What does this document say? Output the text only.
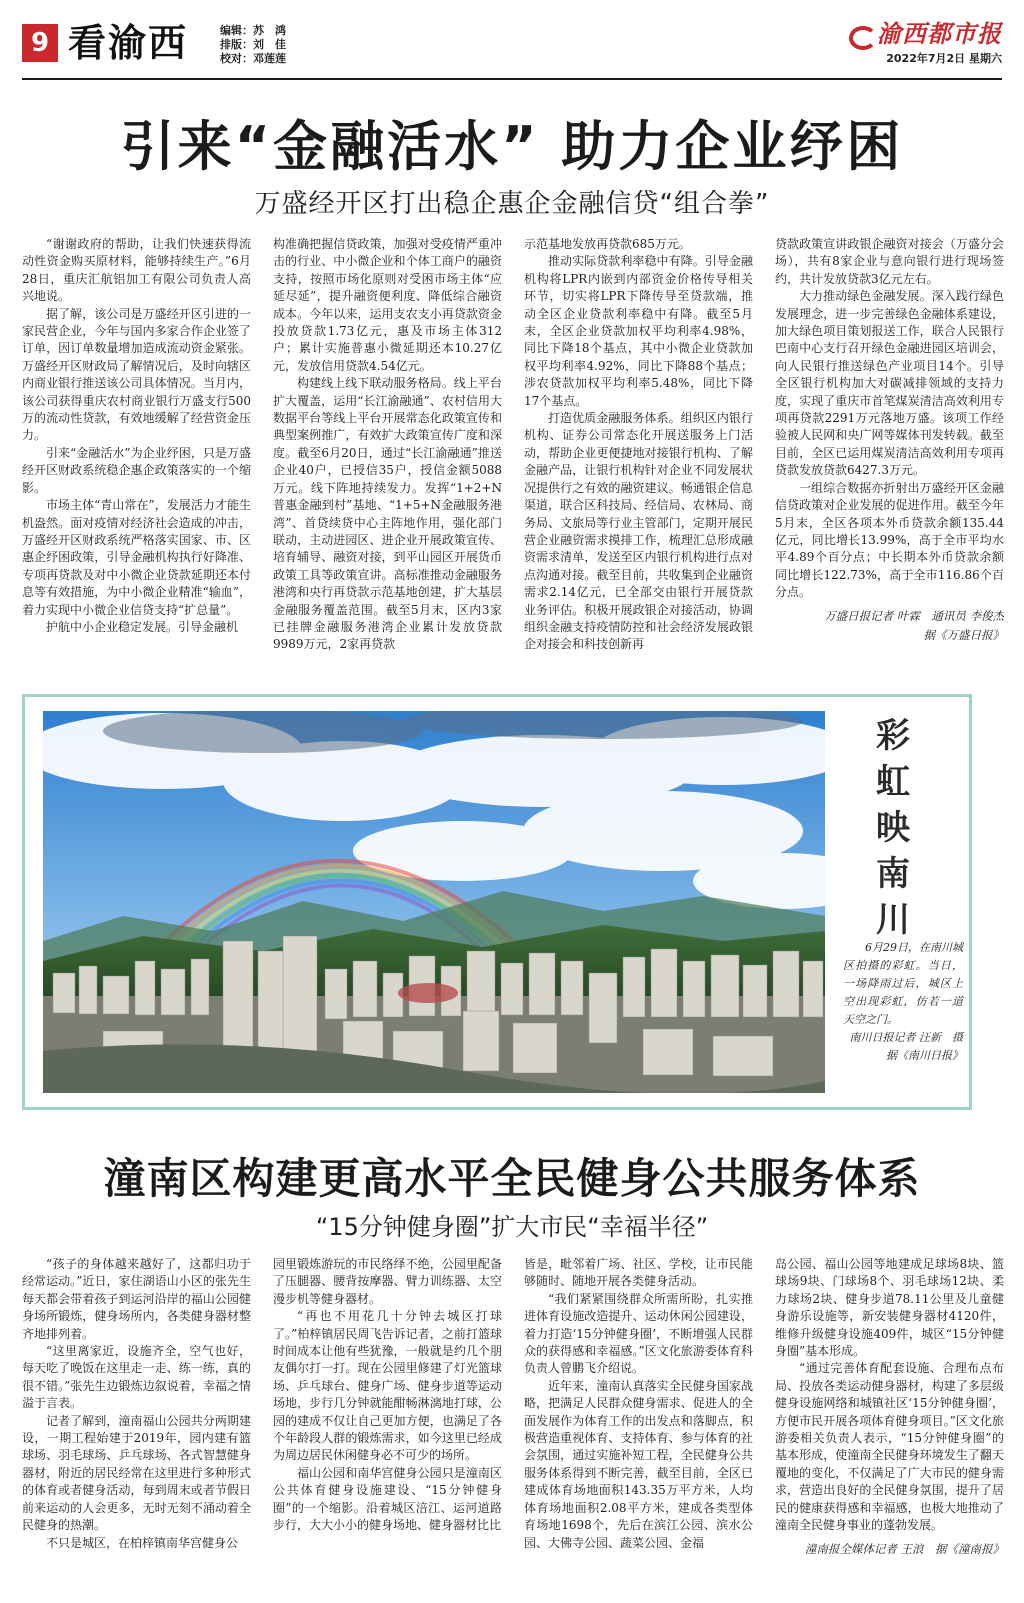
9 看渝西	编辑：苏　鸿
排版：刘　佳
校对：邓莲莲
渝西都市报
2022年7月2日 星期六
引来“金融活水” 助力企业纾困
万盛经开区打出稳企惠企金融信贷“组合拳”

“谢谢政府的帮助，让我们快速获得流动性资金购买原材料，能够持续生产。”6月28日，重庆汇航铝加工有限公司负责人高兴地说。

据了解，该公司是万盛经开区引进的一家民营企业，今年与国内多家合作企业签了订单，因订单数量增加造成流动资金紧张。万盛经开区财政局了解情况后，及时向辖区内商业银行推送该公司具体情况。当月内，该公司获得重庆农村商业银行万盛支行500万的流动性贷款，有效地缓解了经营资金压力。

引来“金融活水”为企业纾困，只是万盛经开区财政系统稳企惠企政策落实的一个缩影。

市场主体“青山常在”，发展活力才能生机盎然。面对疫情对经济社会造成的冲击，万盛经开区财政系统严格落实国家、市、区惠企纾困政策，引导金融机构执行好降准、专项再贷款及对中小微企业贷款延期还本付息等有效措施，为中小微企业精准“输血”，着力实现中小微企业信贷支持“扩总量”。

护航中小企业稳定发展。引导金融机

构准确把握信贷政策，加强对受疫情严重冲击的行业、中小微企业和个体工商户的融资支持，按照市场化原则对受困市场主体“应延尽延”，提升融资便利度、降低综合融资成本。今年以来，运用支农支小再贷款资金投放贷款1.73亿元，惠及市场主体312户；累计实施普惠小微延期还本10.27亿元，发放信用贷款4.54亿元。

构建线上线下联动服务格局。线上平台扩大覆盖，运用“长江渝融通”、农村信用大数据平台等线上平台开展常态化政策宣传和典型案例推广，有效扩大政策宣传广度和深度。截至6月20日，通过“长江渝融通”推送企业40户，已授信35户，授信金额5088万元。线下阵地持续发力。发挥“1+2+N普惠金融到村”基地、“1+5+N金融服务港湾”、首贷续贷中心主阵地作用，强化部门联动，主动进园区、进企业开展政策宣传、培育辅导、融资对接，到平山园区开展货币政策工具等政策宣讲。高标准推动金融服务港湾和央行再贷款示范基地创建，扩大基层金融服务覆盖范围。截至5月末，区内3家已挂牌金融服务港湾企业累计发放贷款9989万元，2家再贷款

示范基地发放再贷款685万元。

推动实际贷款利率稳中有降。引导金融机构将LPR内嵌到内部资金价格传导相关环节，切实将LPR下降传导至贷款端，推动全区企业贷款利率稳中有降。截至5月末，全区企业贷款加权平均利率4.98%，同比下降18个基点，其中小微企业贷款加权平均利率4.92%，同比下降88个基点；涉农贷款加权平均利率5.48%，同比下降17个基点。

打造优质金融服务体系。组织区内银行机构、证券公司常态化开展送服务上门活动，帮助企业更便捷地对接银行机构、了解金融产品，让银行机构针对企业不同发展状况提供行之有效的融资建议。畅通银企信息渠道，联合区科技局、经信局、农林局、商务局、文旅局等行业主管部门，定期开展民营企业融资需求摸排工作，梳理汇总形成融资需求清单，发送至区内银行机构进行点对点沟通对接。截至目前，共收集到企业融资需求2.14亿元，已全部交由银行开展贷款业务评估。积极开展政银企对接活动，协调组织金融支持疫情防控和社会经济发展政银企对接会和科技创新再

贷款政策宣讲政银企融资对接会（万盛分会场），共有8家企业与意向银行进行现场签约，共计发放贷款3亿元左右。

大力推动绿色金融发展。深入践行绿色发展理念，进一步完善绿色金融体系建设，加大绿色项目策划报送工作，联合人民银行巴南中心支行召开绿色金融进园区培训会，向人民银行推送绿色产业项目14个。引导全区银行机构加大对碳减排领域的支持力度，实现了重庆市首笔煤炭清洁高效利用专项再贷款2291万元落地万盛。该项工作经验被人民网和央广网等媒体刊发转载。截至目前，全区已运用煤炭清洁高效利用专项再贷款发放贷款6427.3万元。

一组综合数据亦折射出万盛经开区金融信贷政策对企业发展的促进作用。截至今年5月末，全区各项本外币贷款余额135.44亿元，同比增长13.99%，高于全市平均水平4.89个百分点；中长期本外币贷款余额同比增长122.73%，高于全市116.86个百分点。

万盛日报记者 叶霖　通讯员 李俊杰

据《万盛日报》

彩虹映南川

6月29日，在南川城区拍摄的彩虹。当日，一场降雨过后，城区上空出现彩虹，仿若一道天空之门。

南川日报记者 汪新　摄

据《南川日报》

潼南区构建更高水平全民健身公共服务体系
“15分钟健身圈”扩大市民“幸福半径”

“孩子的身体越来越好了，这都归功于经常运动。”近日，家住湖语山小区的张先生每天都会带着孩子到运河沿岸的福山公园健身场所锻炼，健身场所内，各类健身器材整齐地排列着。

“这里离家近，设施齐全，空气也好，每天吃了晚饭在这里走一走、练一练，真的很不错。”张先生边锻炼边叙说着，幸福之情溢于言表。

记者了解到，潼南福山公园共分两期建设，一期工程始建于2019年，园内建有篮球场、羽毛球场、乒乓球场、各式智慧健身器材，附近的居民经常在这里进行多种形式的体育或者健身活动，每到周末或者节假日前来运动的人会更多，无时无刻不涌动着全民健身的热潮。

不只是城区，在柏梓镇南华宫健身公

园里锻炼游玩的市民络绎不绝，公园里配备了压腿器、腰背按摩器、臂力训练器、太空漫步机等健身器材。

“再也不用花几十分钟去城区打球了。”柏梓镇居民周飞告诉记者，之前打篮球时间成本让他有些犹豫，一般就是约几个朋友偶尔打一打。现在公园里修建了灯光篮球场、乒乓球台、健身广场、健身步道等运动场地，步行几分钟就能酣畅淋漓地打球，公园的建成不仅让自己更加方便，也满足了各个年龄段人群的锻炼需求，如今这里已经成为周边居民休闲健身必不可少的场所。

福山公园和南华宫健身公园只是潼南区公共体育健身设施建设、“15分钟健身圈”的一个缩影。沿着城区涪江、运河道路步行，大大小小的健身场地、健身器材比比

皆是，毗邻着广场、社区、学校，让市民能够随时、随地开展各类健身活动。

“我们紧紧围绕群众所需所盼，扎实推进体育设施改造提升、运动休闲公园建设，着力打造‘15分钟健身圈’，不断增强人民群众的获得感和幸福感。”区文化旅游委体育科负责人曾鹏飞介绍说。

近年来，潼南认真落实全民健身国家战略，把满足人民群众健身需求、促进人的全面发展作为体育工作的出发点和落脚点，积极营造重视体育、支持体育、参与体育的社会氛围，通过实施补短工程，全民健身公共服务体系得到不断完善，截至目前，全区已建成体育场地面积143.35万平方米，人均体育场地面积2.08平方米，建成各类型体育场地1698个，先后在滨江公园、滨水公园、大佛寺公园、蔬菜公园、金福

岛公园、福山公园等地建成足球场8块、篮球场9块、门球场8个、羽毛球场12块、柔力球场2块、健身步道78.11公里及儿童健身游乐设施等，新安装健身器材4120件，维修升级健身设施409件，城区“15分钟健身圈”基本形成。

“通过完善体育配套设施、合理布点布局、投放各类运动健身器材，构建了多层级健身设施网络和城镇社区‘15分钟健身圈’，方便市民开展各项体育健身项目。”区文化旅游委相关负责人表示，“15分钟健身圈”的基本形成，使潼南全民健身环境发生了翻天覆地的变化，不仅满足了广大市民的健身需求，营造出良好的全民健身氛围，提升了居民的健康获得感和幸福感，也极大地推动了潼南全民健身事业的蓬勃发展。

潼南报全媒体记者 王浪　据《潼南报》
